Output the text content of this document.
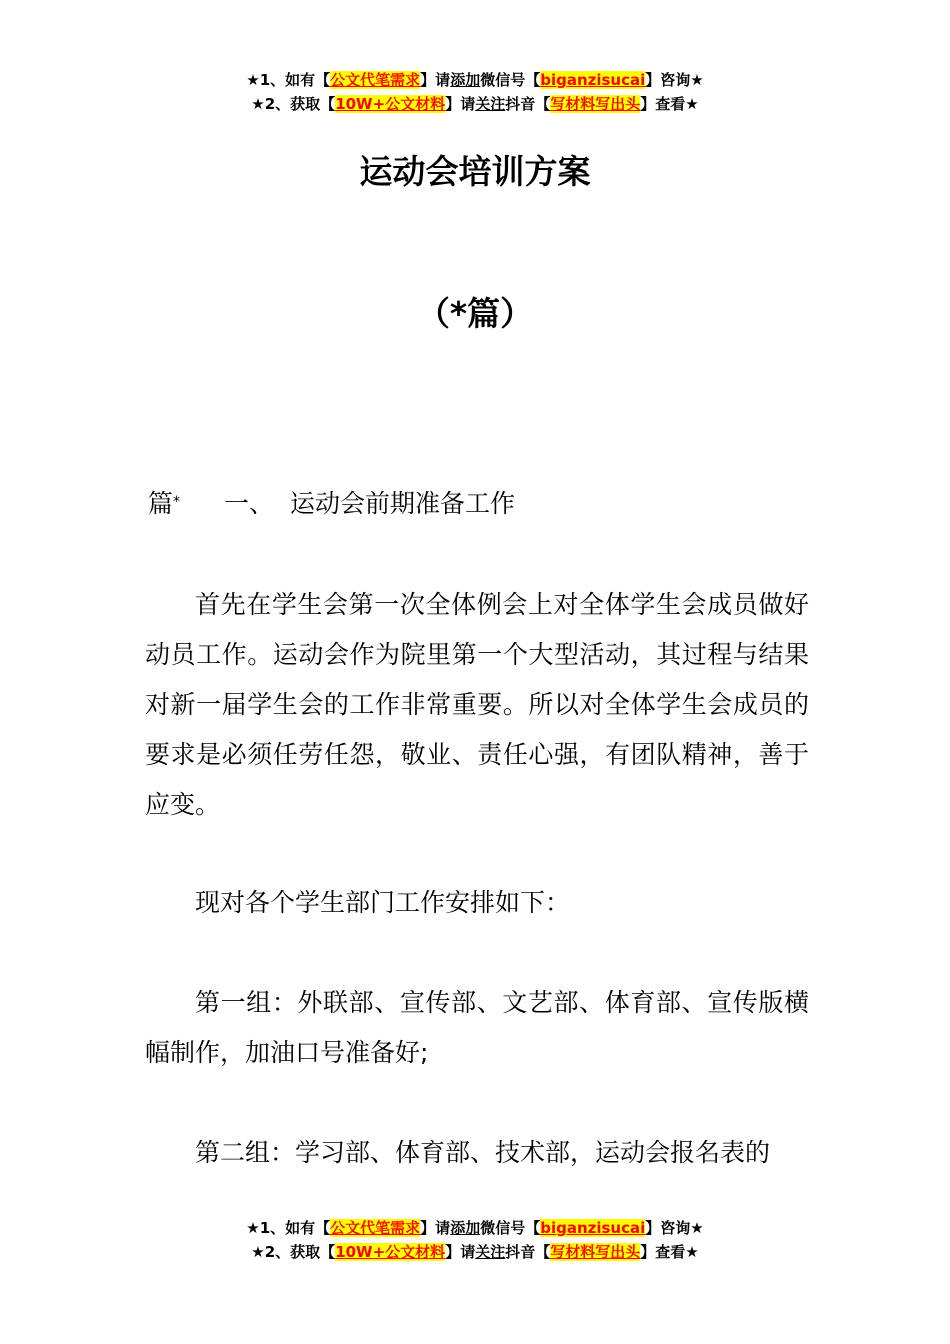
★1、如有【公文代笔需求】请添加微信号【biganzisucai】咨询★
★2、获取【10W+公文材料】请关注抖音【写材料写出头】查看★
运动会培训方案
（*篇）
篇* 一、 运动会前期准备工作
首先在学生会第一次全体例会上对全体学生会成员做好动员工作。运动会作为院里第一个大型活动，其过程与结果对新一届学生会的工作非常重要。所以对全体学生会成员的要求是必须任劳任怨，敬业、责任心强，有团队精神，善于应变。
现对各个学生部门工作安排如下：
第一组：外联部、宣传部、文艺部、体育部、宣传版横幅制作，加油口号准备好;
第二组：学习部、体育部、技术部，运动会报名表的
★1、如有【公文代笔需求】请添加微信号【biganzisucai】咨询★
★2、获取【10W+公文材料】请关注抖音【写材料写出头】查看★
